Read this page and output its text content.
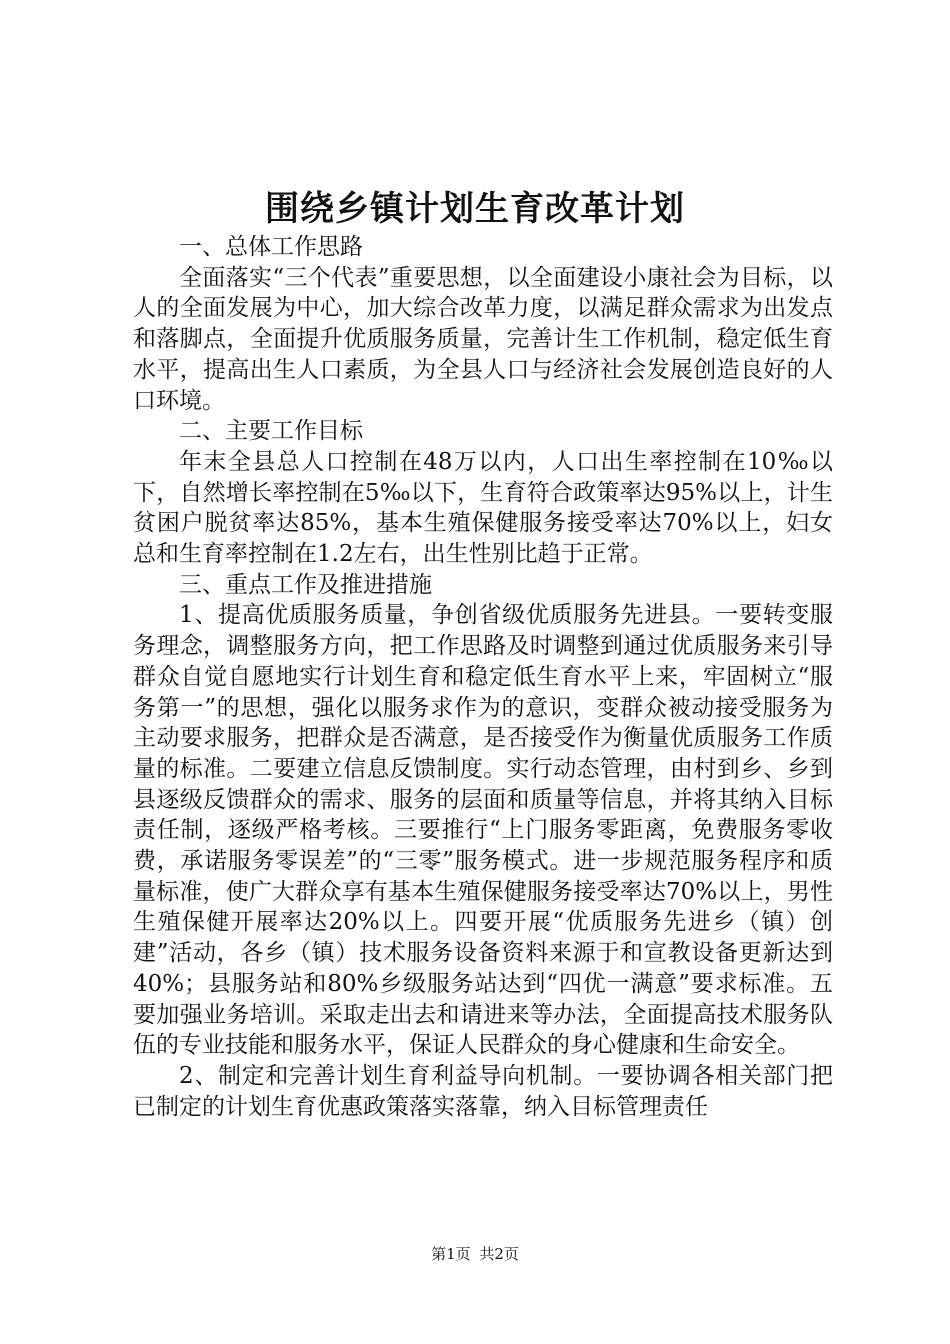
围绕乡镇计划生育改革计划

一、总体工作思路

全面落实“三个代表”重要思想，以全面建设小康社会为目标，以人的全面发展为中心，加大综合改革力度，以满足群众需求为出发点和落脚点，全面提升优质服务质量，完善计生工作机制，稳定低生育水平，提高出生人口素质，为全县人口与经济社会发展创造良好的人口环境。

二、主要工作目标

年末全县总人口控制在48万以内，人口出生率控制在10‰以下，自然增长率控制在5‰以下，生育符合政策率达95%以上，计生贫困户脱贫率达85%，基本生殖保健服务接受率达70%以上，妇女总和生育率控制在1.2左右，出生性别比趋于正常。

三、重点工作及推进措施

1、提高优质服务质量，争创省级优质服务先进县。一要转变服务理念，调整服务方向，把工作思路及时调整到通过优质服务来引导群众自觉自愿地实行计划生育和稳定低生育水平上来，牢固树立“服务第一”的思想，强化以服务求作为的意识，变群众被动接受服务为主动要求服务，把群众是否满意，是否接受作为衡量优质服务工作质量的标准。二要建立信息反馈制度。实行动态管理，由村到乡、乡到县逐级反馈群众的需求、服务的层面和质量等信息，并将其纳入目标责任制，逐级严格考核。三要推行“上门服务零距离，免费服务零收费，承诺服务零误差”的“三零”服务模式。进一步规范服务程序和质量标准，使广大群众享有基本生殖保健服务接受率达70%以上，男性生殖保健开展率达20%以上。四要开展“优质服务先进乡（镇）创建”活动，各乡（镇）技术服务设备资料来源于和宣教设备更新达到40%；县服务站和80%乡级服务站达到“四优一满意”要求标准。五要加强业务培训。采取走出去和请进来等办法，全面提高技术服务队伍的专业技能和服务水平，保证人民群众的身心健康和生命安全。

2、制定和完善计划生育利益导向机制。一要协调各相关部门把已制定的计划生育优惠政策落实落靠，纳入目标管理责任

第1页 共2页
